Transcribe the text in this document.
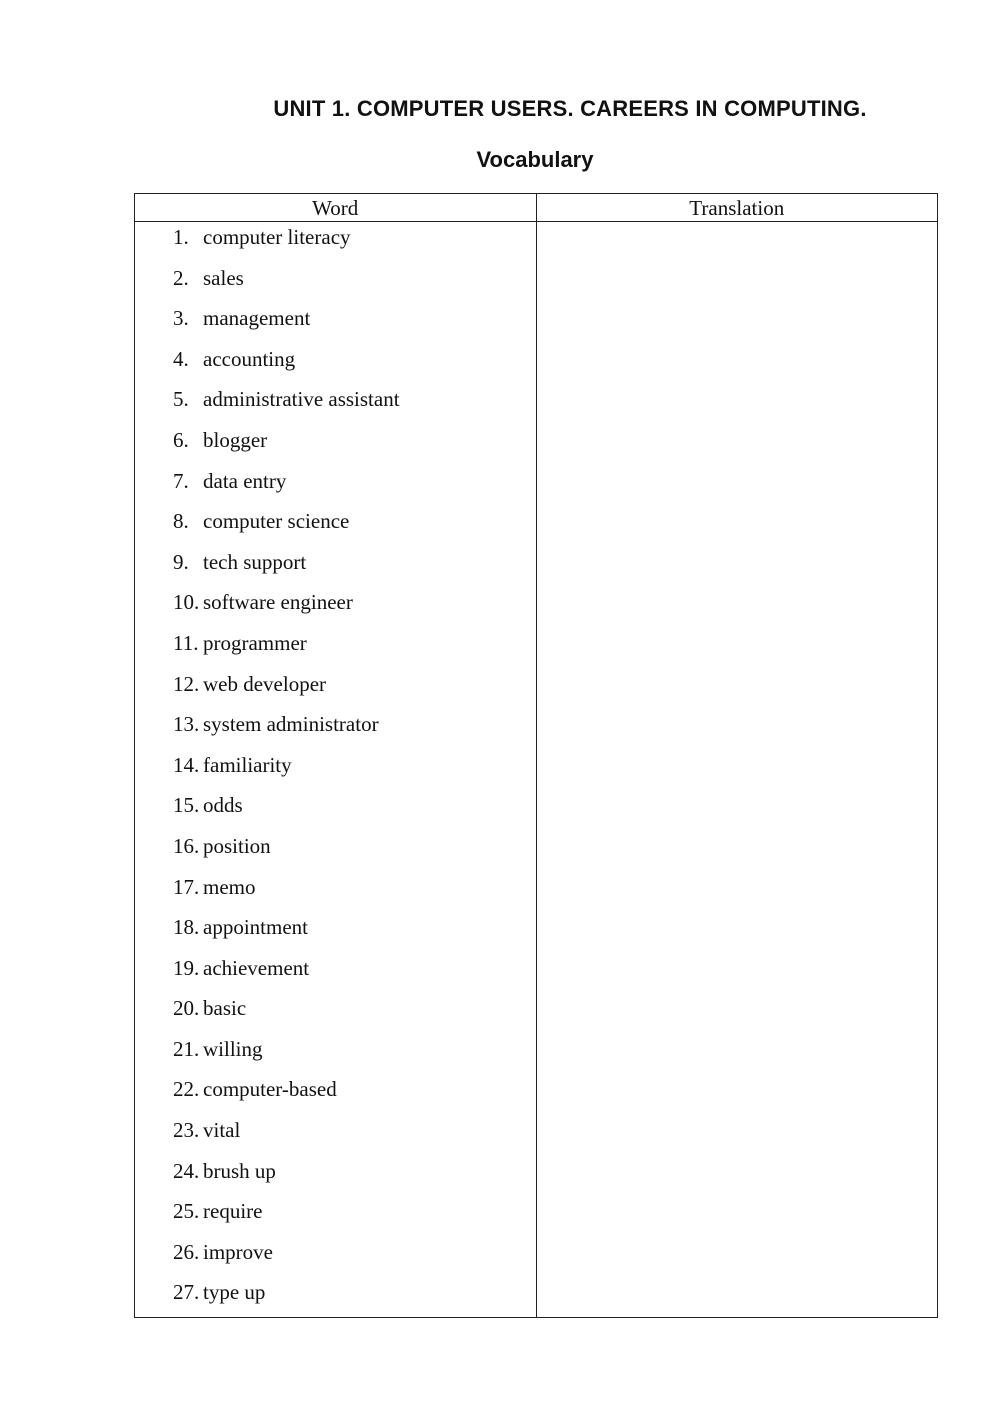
UNIT 1. COMPUTER USERS. CAREERS IN COMPUTING.
Vocabulary
Word	Translation
1. computer literacy
2. sales
3. management
4. accounting
5. administrative assistant
6. blogger
7. data entry
8. computer science
9. tech support
10. software engineer
11. programmer
12. web developer
13. system administrator
14. familiarity
15. odds
16. position
17. memo
18. appointment
19. achievement
20. basic
21. willing
22. computer-based
23. vital
24. brush up
25. require
26. improve
27. type up
